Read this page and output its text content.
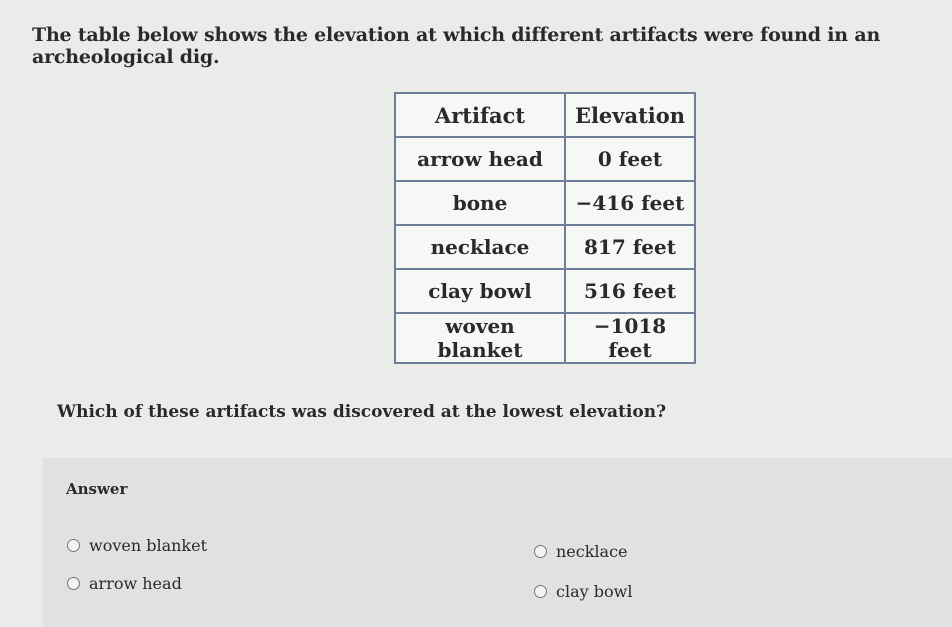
The table below shows the elevation at which different artifacts were found in an archeological dig.
Artifact	Elevation
arrow head	0 feet
bone	−416 feet
necklace	817 feet
clay bowl	516 feet
woven blanket	−1018 feet
Which of these artifacts was discovered at the lowest elevation?
Answer
woven blanket	necklace
arrow head	clay bowl
